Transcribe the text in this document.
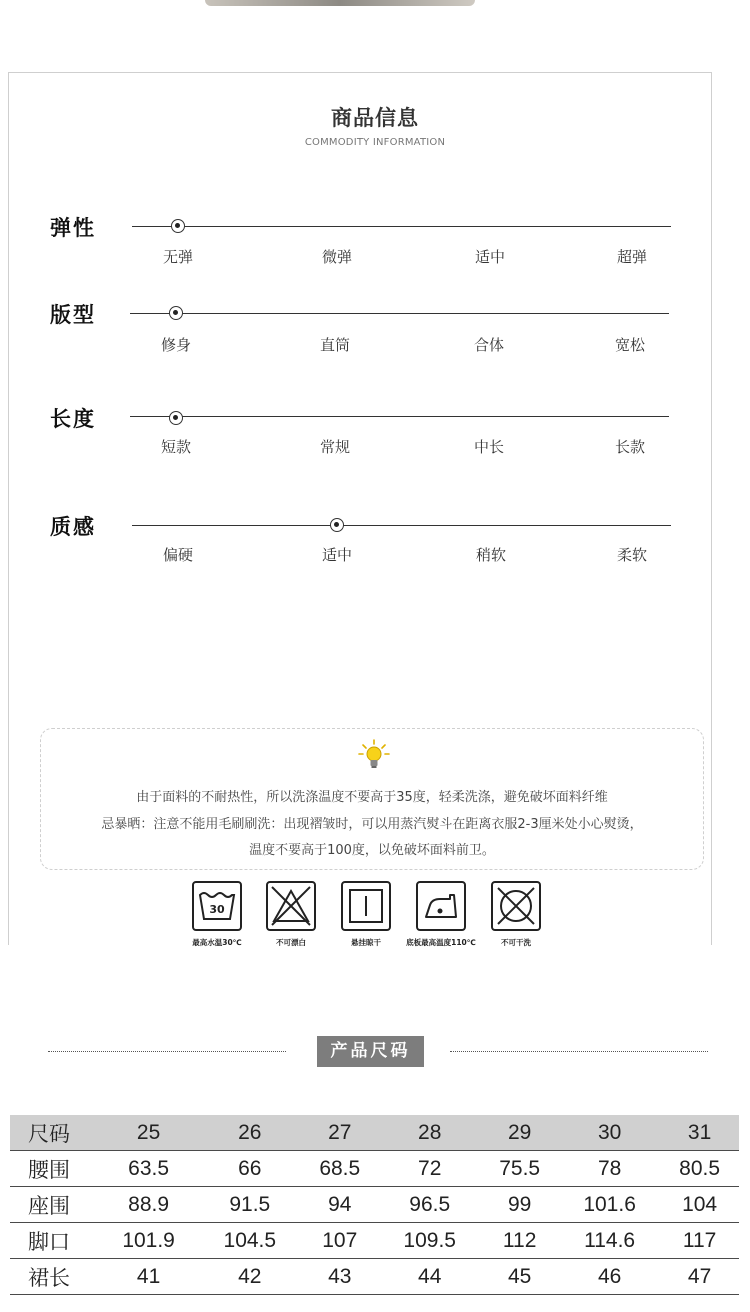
商品信息
COMMODITY INFORMATION
弹性
无弹	微弹	适中	超弹
版型
修身	直筒	合体	宽松
长度
短款	常规	中长	长款
质感
偏硬	适中	稍软	柔软
由于面料的不耐热性，所以洗涤温度不要高于35度，轻柔洗涤，避免破坏面料纤维
忌暴晒：注意不能用毛刷刷洗：出现褶皱时，可以用蒸汽熨斗在距离衣服2-3厘米处小心熨烫，
温度不要高于100度，以免破坏面料前卫。
30
最高水温30℃	不可漂白	悬挂晾干	底板最高温度110℃	不可干洗
产品尺码
尺码	25	26	27	28	29	30	31
腰围	63.5	66	68.5	72	75.5	78	80.5
座围	88.9	91.5	94	96.5	99	101.6	104
脚口	101.9	104.5	107	109.5	112	114.6	117
裙长	41	42	43	44	45	46	47
